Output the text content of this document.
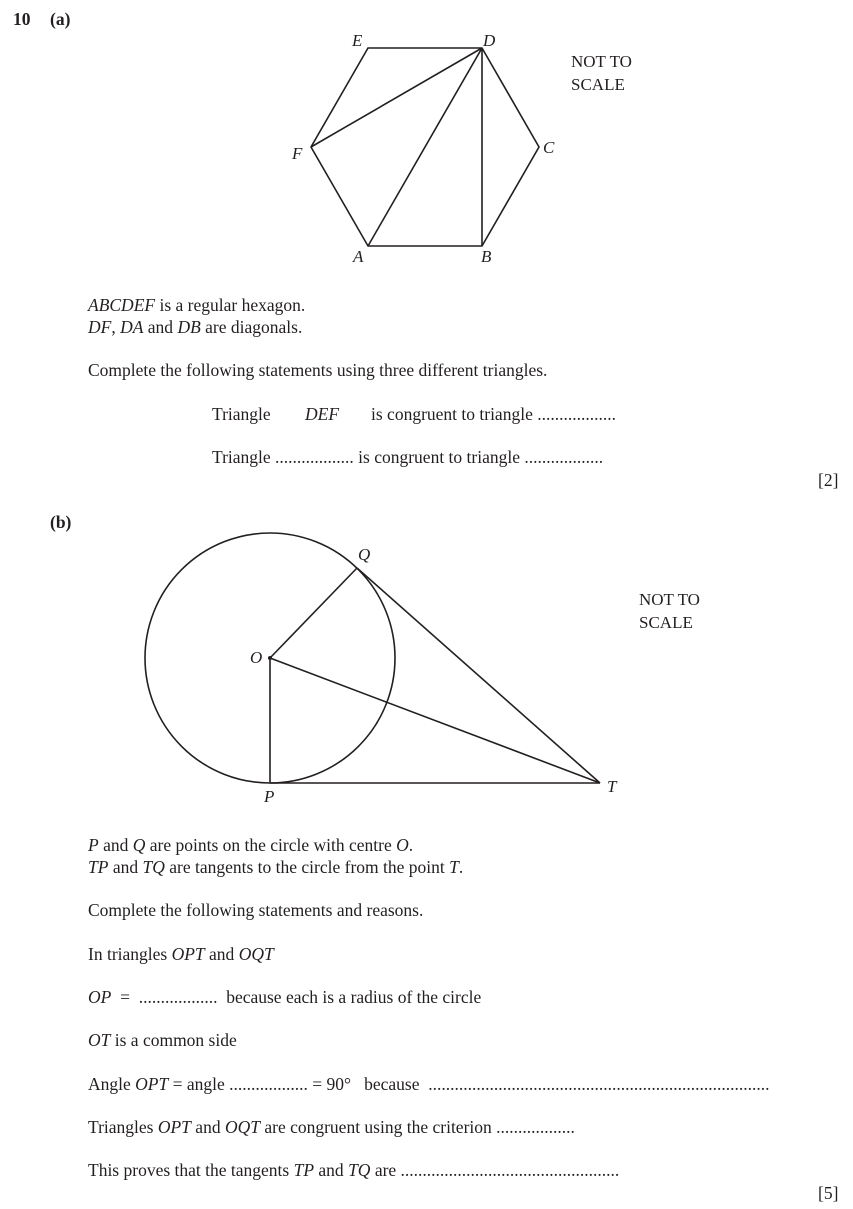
10 (a)
E	D
C
F
A	B
NOT TO
SCALE
ABCDEF is a regular hexagon.
DF, DA and DB are diagonals.
Complete the following statements using three different triangles.
Triangle DEF is congruent to triangle ..................
Triangle .................. is congruent to triangle ..................
[2]
(b)
Q
O
P
T
NOT TO
SCALE
P and Q are points on the circle with centre O.
TP and TQ are tangents to the circle from the point T.
Complete the following statements and reasons.
In triangles OPT and OQT
OP  =  ..................  because each is a radius of the circle
OT is a common side
Angle OPT = angle .................. = 90°   because  ..............................................................................
Triangles OPT and OQT are congruent using the criterion ..................
This proves that the tangents TP and TQ are ..................................................
[5]
